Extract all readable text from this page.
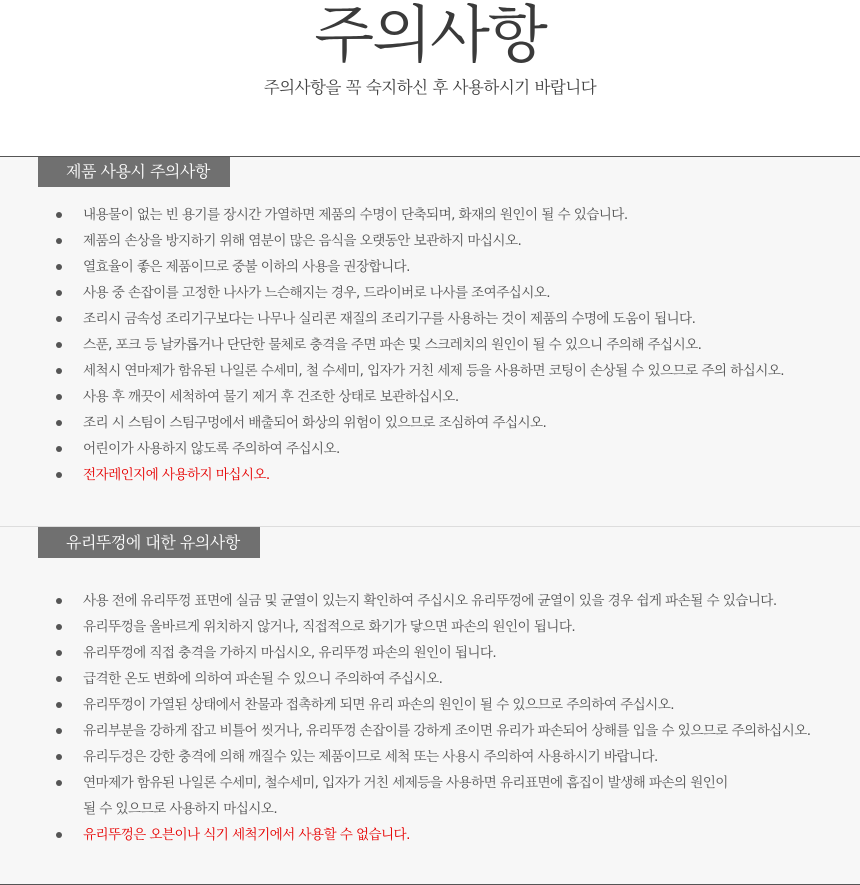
주의사항
주의사항을 꼭 숙지하신 후 사용하시기 바랍니다
제품 사용시 주의사항
내용물이 없는 빈 용기를 장시간 가열하면 제품의 수명이 단축되며, 화재의 원인이 될 수 있습니다.
제품의 손상을 방지하기 위해 염분이 많은 음식을 오랫동안 보관하지 마십시오.
열효율이 좋은 제품이므로 중불 이하의 사용을 권장합니다.
사용 중 손잡이를 고정한 나사가 느슨해지는 경우, 드라이버로 나사를 조여주십시오.
조리시 금속성 조리기구보다는 나무나 실리콘 재질의 조리기구를 사용하는 것이 제품의 수명에 도움이 됩니다.
스푼, 포크 등 날카롭거나 단단한 물체로 충격을 주면 파손 및 스크레치의 원인이 될 수 있으니 주의해 주십시오.
세척시 연마제가 함유된 나일론 수세미, 철 수세미, 입자가 거친 세제 등을 사용하면 코팅이 손상될 수 있으므로 주의 하십시오.
사용 후 깨끗이 세척하여 물기 제거 후 건조한 상태로 보관하십시오.
조리 시 스팀이 스팀구멍에서 배출되어 화상의 위험이 있으므로 조심하여 주십시오.
어린이가 사용하지 않도록 주의하여 주십시오.
전자레인지에 사용하지 마십시오.
유리뚜껑에 대한 유의사항
사용 전에 유리뚜껑 표면에 실금 및 균열이 있는지 확인하여 주십시오 유리뚜껑에 균열이 있을 경우 쉽게 파손될 수 있습니다.
유리뚜껑을 올바르게 위치하지 않거나, 직접적으로 화기가 닿으면 파손의 원인이 됩니다.
유리뚜껑에 직접 충격을 가하지 마십시오, 유리뚜껑 파손의 원인이 됩니다.
급격한 온도 변화에 의하여 파손될 수 있으니 주의하여 주십시오.
유리뚜껑이 가열된 상태에서 찬물과 접촉하게 되면 유리 파손의 원인이 될 수 있으므로 주의하여 주십시오.
유리부분을 강하게 잡고 비틀어 씻거나, 유리뚜껑 손잡이를 강하게 조이면 유리가 파손되어 상해를 입을 수 있으므로 주의하십시오.
유리두겅은 강한 충격에 의해 깨질수 있는 제품이므로 세척 또는 사용시 주의하여 사용하시기 바랍니다.
연마제가 함유된 나일론 수세미, 철수세미, 입자가 거친 세제등을 사용하면 유리표면에 흠집이 발생해 파손의 원인이
될 수 있으므로 사용하지 마십시오.
유리뚜껑은 오븐이나 식기 세척기에서 사용할 수 없습니다.
